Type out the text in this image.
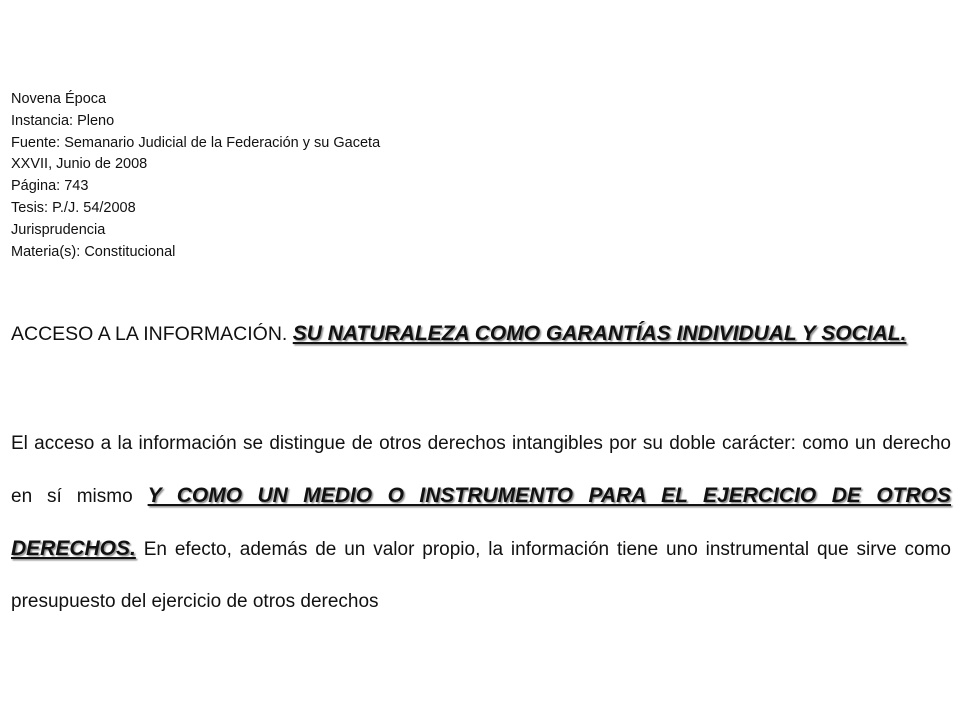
Novena Época
Instancia: Pleno
Fuente: Semanario Judicial de la Federación y su Gaceta
XXVII, Junio de 2008
Página: 743
Tesis: P./J. 54/2008
Jurisprudencia
Materia(s): Constitucional
ACCESO A LA INFORMACIÓN. SU NATURALEZA COMO GARANTÍAS INDIVIDUAL Y SOCIAL.
El acceso a la información se distingue de otros derechos intangibles por su doble carácter: como un derecho en sí mismo Y COMO UN MEDIO O INSTRUMENTO PARA EL EJERCICIO DE OTROS DERECHOS. En efecto, además de un valor propio, la información tiene uno instrumental que sirve como presupuesto del ejercicio de otros derechos
